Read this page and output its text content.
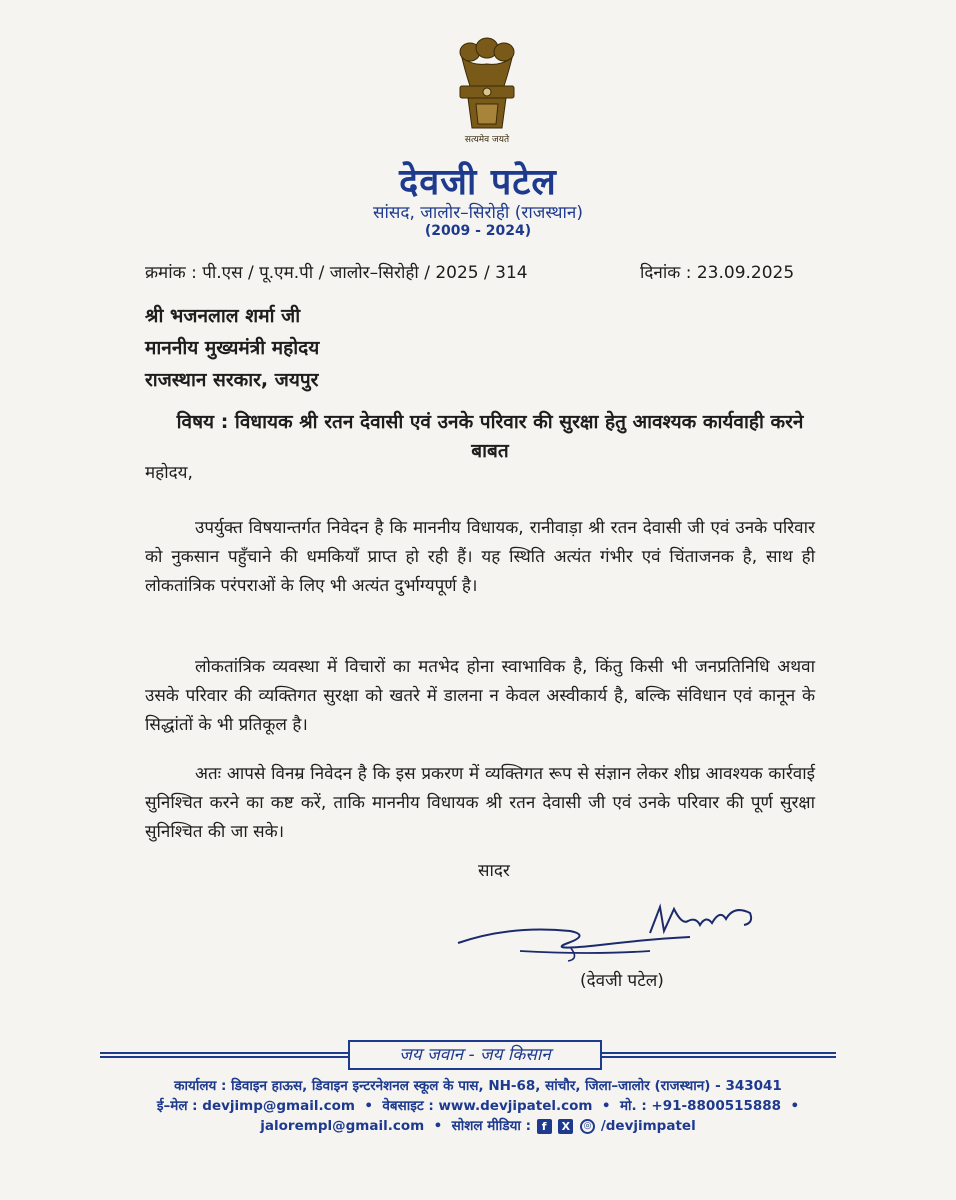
सत्यमेव जयते
देवजी पटेल
सांसद, जालोर–सिरोही (राजस्थान)
(2009 - 2024)
क्रमांक : पी.एस / पू.एम.पी / जालोर–सिरोही / 2025 / 314	दिनांक : 23.09.2025
श्री भजनलाल शर्मा जी
माननीय मुख्यमंत्री महोदय
राजस्थान सरकार, जयपुर
विषय : विधायक श्री रतन देवासी एवं उनके परिवार की सुरक्षा हेतु आवश्यक कार्यवाही करने बाबत
महोदय,
उपर्युक्त विषयान्तर्गत निवेदन है कि माननीय विधायक, रानीवाड़ा श्री रतन देवासी जी एवं उनके परिवार को नुकसान पहुँचाने की धमकियाँ प्राप्त हो रही हैं। यह स्थिति अत्यंत गंभीर एवं चिंताजनक है, साथ ही लोकतांत्रिक परंपराओं के लिए भी अत्यंत दुर्भाग्यपूर्ण है।
लोकतांत्रिक व्यवस्था में विचारों का मतभेद होना स्वाभाविक है, किंतु किसी भी जनप्रतिनिधि अथवा उसके परिवार की व्यक्तिगत सुरक्षा को खतरे में डालना न केवल अस्वीकार्य है, बल्कि संविधान एवं कानून के सिद्धांतों के भी प्रतिकूल है।
अतः आपसे विनम्र निवेदन है कि इस प्रकरण में व्यक्तिगत रूप से संज्ञान लेकर शीघ्र आवश्यक कार्रवाई सुनिश्चित करने का कष्ट करें, ताकि माननीय विधायक श्री रतन देवासी जी एवं उनके परिवार की पूर्ण सुरक्षा सुनिश्चित की जा सके।
सादर
(देवजी पटेल)
जय जवान - जय किसान
कार्यालय : डिवाइन हाऊस, डिवाइन इन्टरनेशनल स्कूल के पास, NH-68, सांचौर, जिला–जालोर (राजस्थान) - 343041
ई–मेल : devjimp@gmail.com  •  वेबसाइट : www.devjipatel.com  •  मो. : +91-8800515888  •
jalorempl@gmail.com  •  सोशल मीडिया : f X ◎ /devjimpatel
